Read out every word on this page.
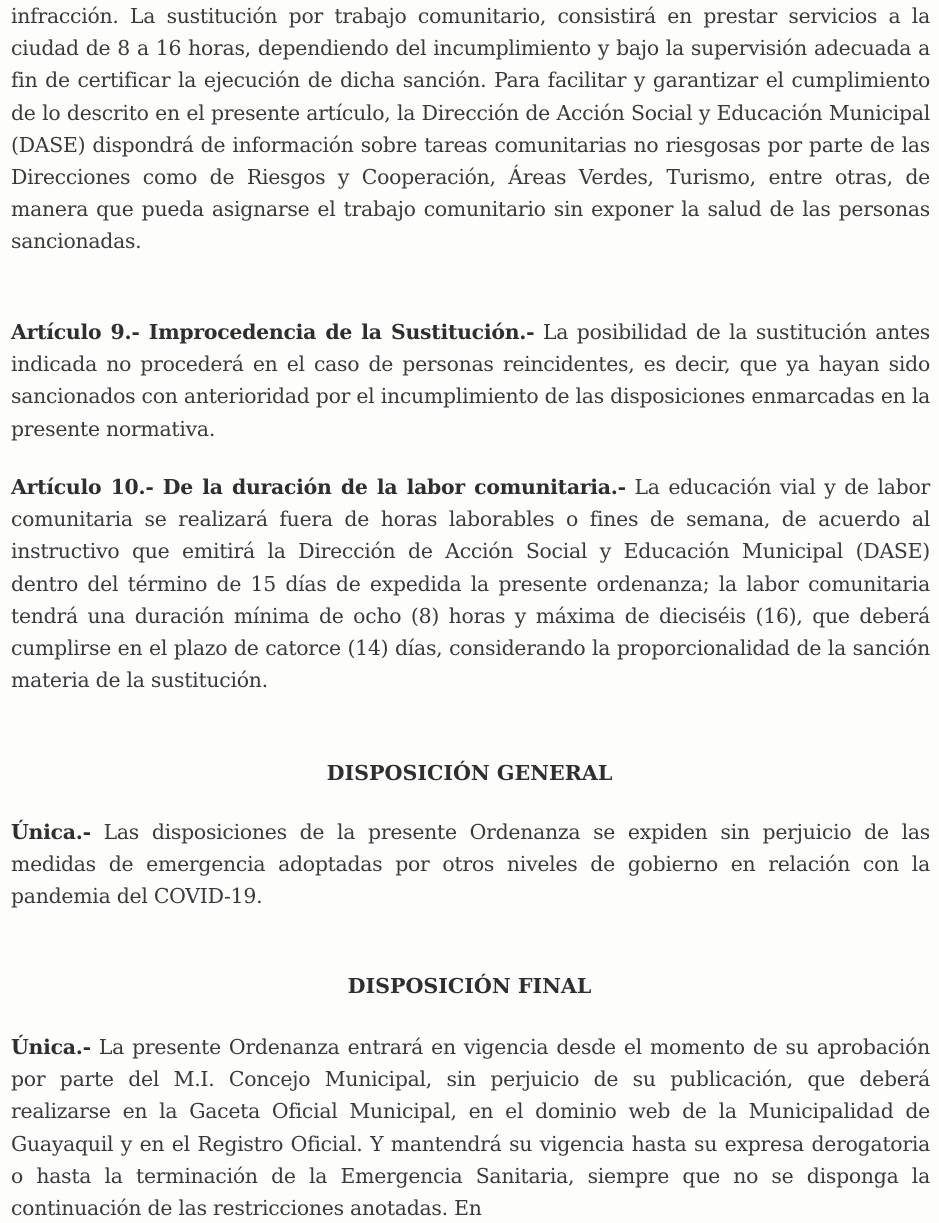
infracción. La sustitución por trabajo comunitario, consistirá en prestar servicios a la ciudad de 8 a 16 horas, dependiendo del incumplimiento y bajo la supervisión adecuada a fin de certificar la ejecución de dicha sanción. Para facilitar y garantizar el cumplimiento de lo descrito en el presente artículo, la Dirección de Acción Social y Educación Municipal (DASE) dispondrá de información sobre tareas comunitarias no riesgosas por parte de las Direcciones como de Riesgos y Cooperación, Áreas Verdes, Turismo, entre otras, de manera que pueda asignarse el trabajo comunitario sin exponer la salud de las personas sancionadas.

Artículo 9.- Improcedencia de la Sustitución.- La posibilidad de la sustitución antes indicada no procederá en el caso de personas reincidentes, es decir, que ya hayan sido sancionados con anterioridad por el incumplimiento de las disposiciones enmarcadas en la presente normativa.

Artículo 10.- De la duración de la labor comunitaria.- La educación vial y de labor comunitaria se realizará fuera de horas laborables o fines de semana, de acuerdo al instructivo que emitirá la Dirección de Acción Social y Educación Municipal (DASE) dentro del término de 15 días de expedida la presente ordenanza; la labor comunitaria tendrá una duración mínima de ocho (8) horas y máxima de dieciséis (16), que deberá cumplirse en el plazo de catorce (14) días, considerando la proporcionalidad de la sanción materia de la sustitución.

DISPOSICIÓN GENERAL

Única.- Las disposiciones de la presente Ordenanza se expiden sin perjuicio de las medidas de emergencia adoptadas por otros niveles de gobierno en relación con la pandemia del COVID-19.

DISPOSICIÓN FINAL

Única.- La presente Ordenanza entrará en vigencia desde el momento de su aprobación por parte del M.I. Concejo Municipal, sin perjuicio de su publicación, que deberá realizarse en la Gaceta Oficial Municipal, en el dominio web de la Municipalidad de Guayaquil y en el Registro Oficial. Y mantendrá su vigencia hasta su expresa derogatoria o hasta la terminación de la Emergencia Sanitaria, siempre que no se disponga la continuación de las restricciones anotadas. En
